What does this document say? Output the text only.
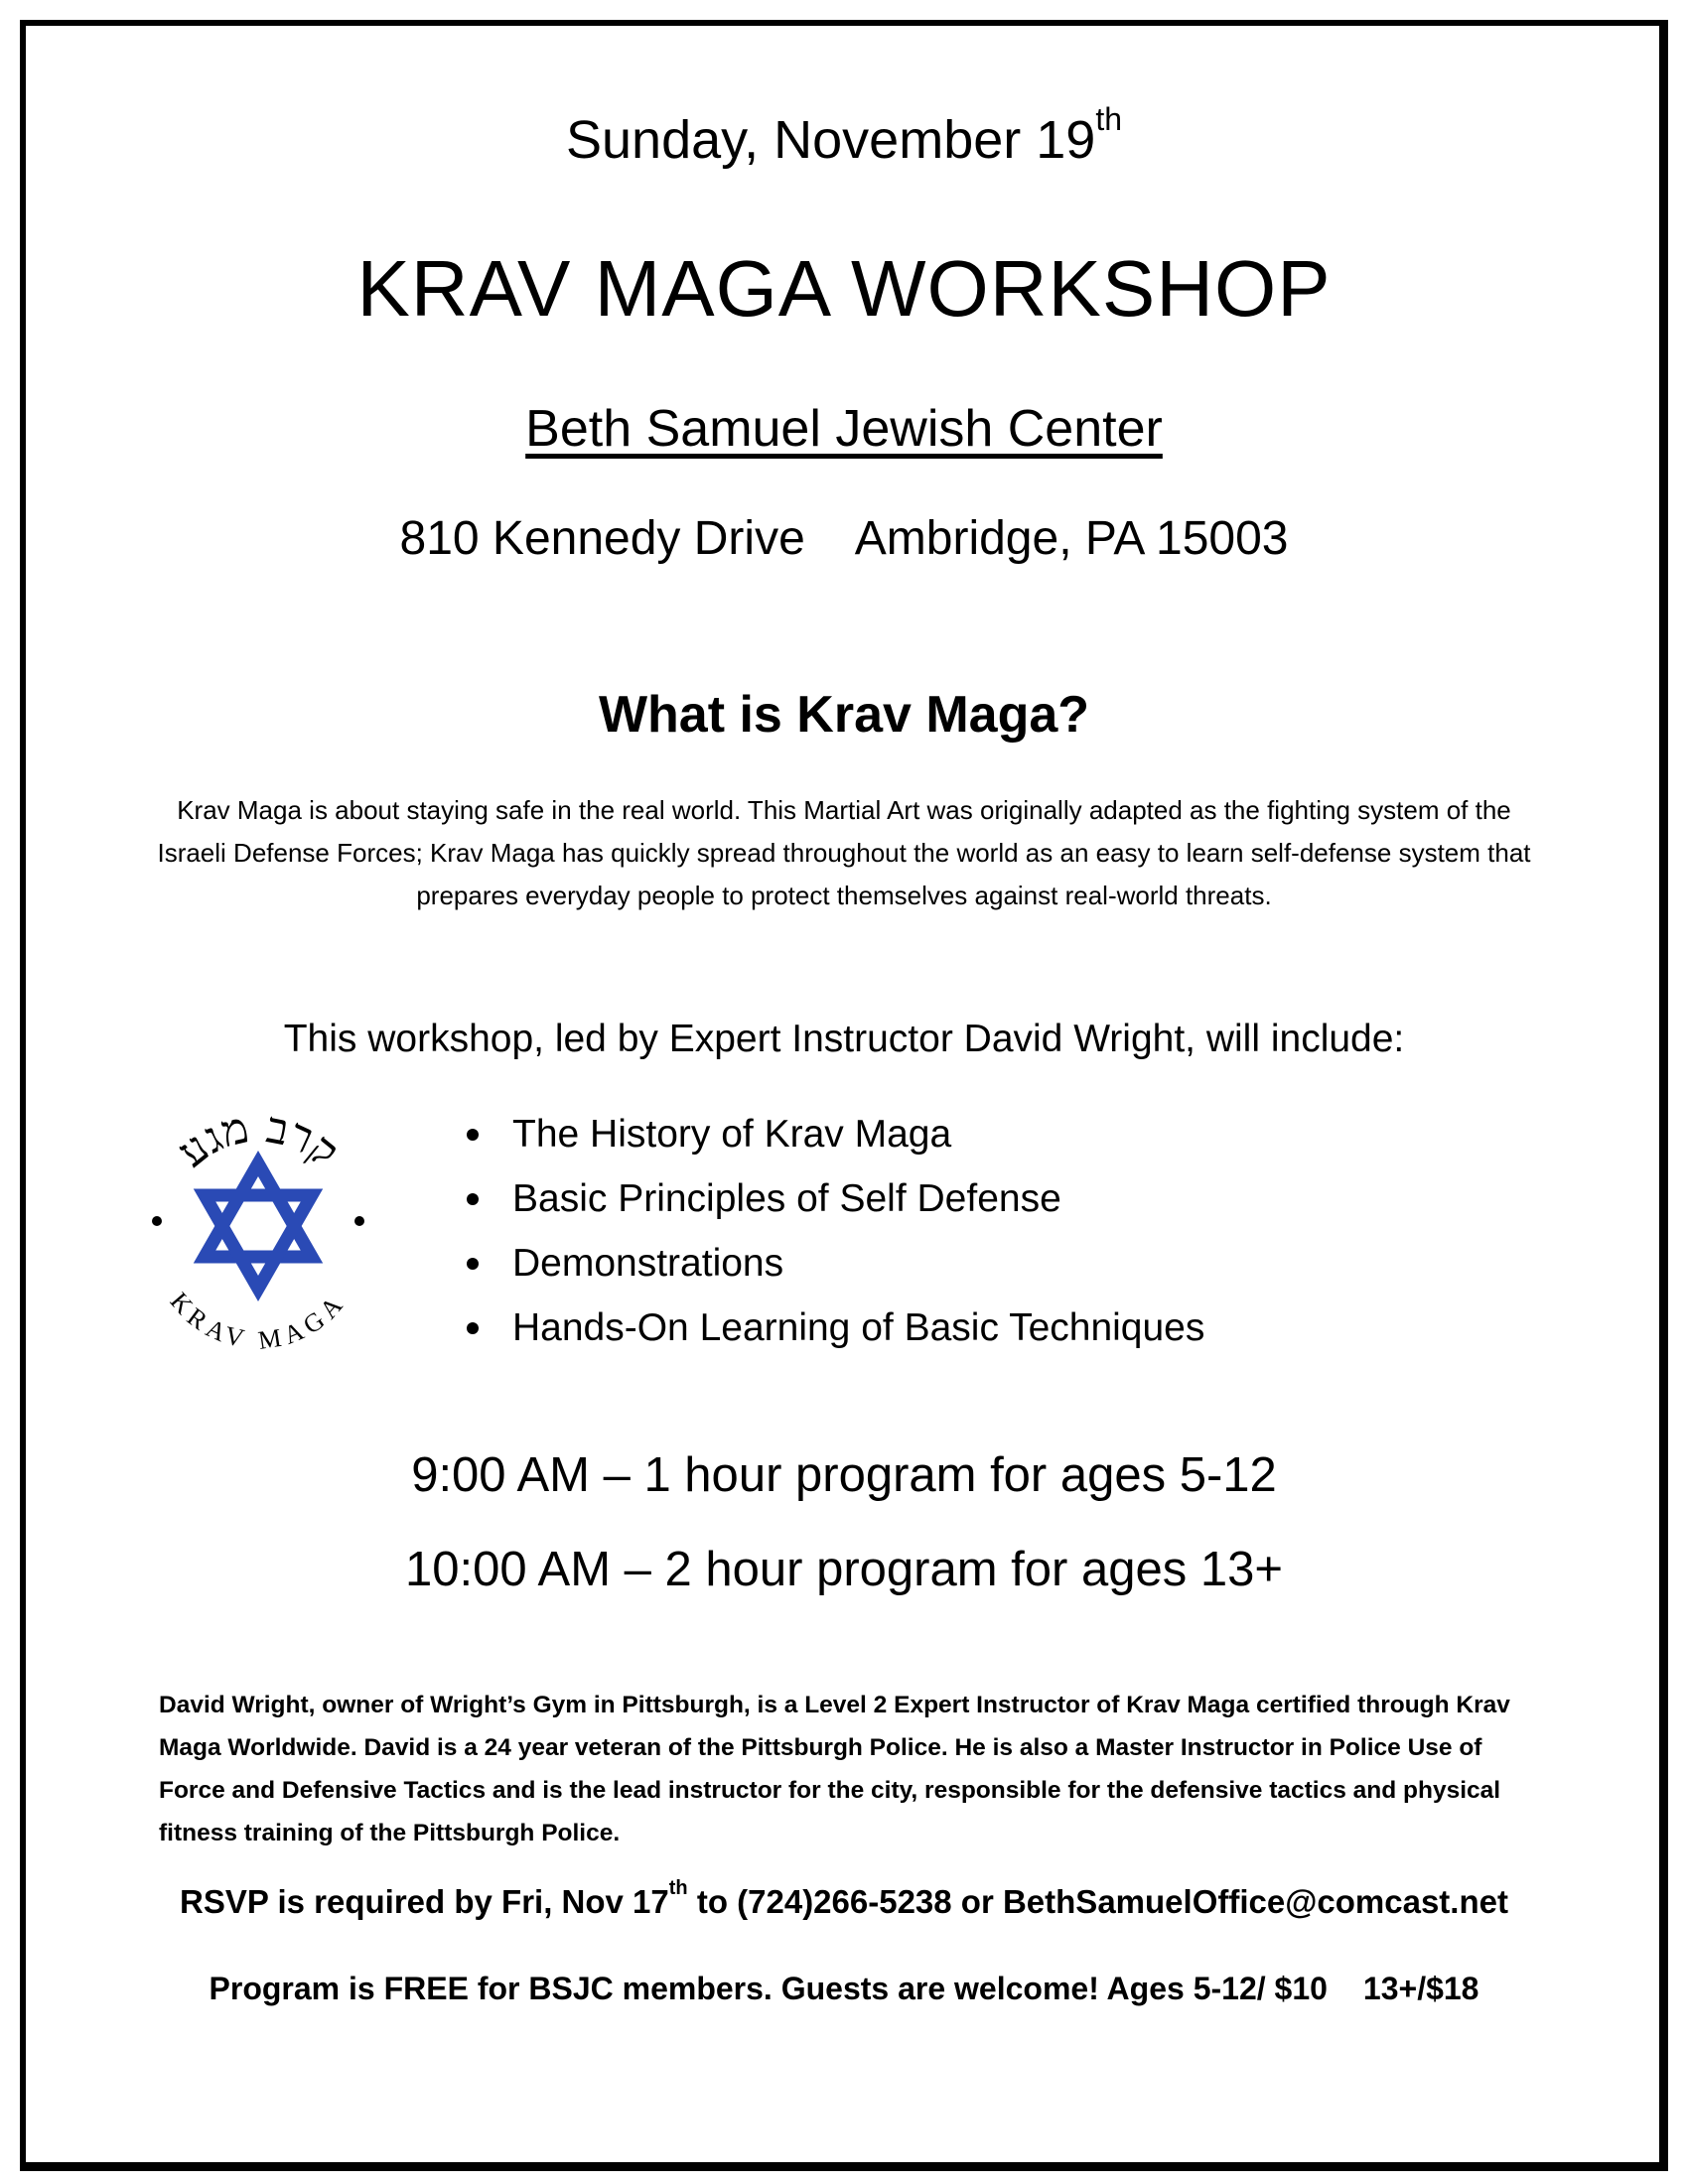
Sunday, November 19th
KRAV MAGA WORKSHOP
Beth Samuel Jewish Center
810 Kennedy Drive Ambridge, PA 15003
What is Krav Maga?
Krav Maga is about staying safe in the real world. This Martial Art was originally adapted as the fighting system of the Israeli Defense Forces; Krav Maga has quickly spread throughout the world as an easy to learn self-defense system that prepares everyday people to protect themselves against real-world threats.
This workshop, led by Expert Instructor David Wright, will include:
קרב מגע
KRAV MAGA
The History of Krav Maga
Basic Principles of Self Defense
Demonstrations
Hands-On Learning of Basic Techniques
9:00 AM – 1 hour program for ages 5-12
10:00 AM – 2 hour program for ages 13+
David Wright, owner of Wright’s Gym in Pittsburgh, is a Level 2 Expert Instructor of Krav Maga certified through Krav Maga Worldwide. David is a 24 year veteran of the Pittsburgh Police. He is also a Master Instructor in Police Use of Force and Defensive Tactics and is the lead instructor for the city, responsible for the defensive tactics and physical fitness training of the Pittsburgh Police.
RSVP is required by Fri, Nov 17th to (724)266-5238 or BethSamuelOffice@comcast.net
Program is FREE for BSJC members. Guests are welcome! Ages 5-12/ $10 13+/$18
